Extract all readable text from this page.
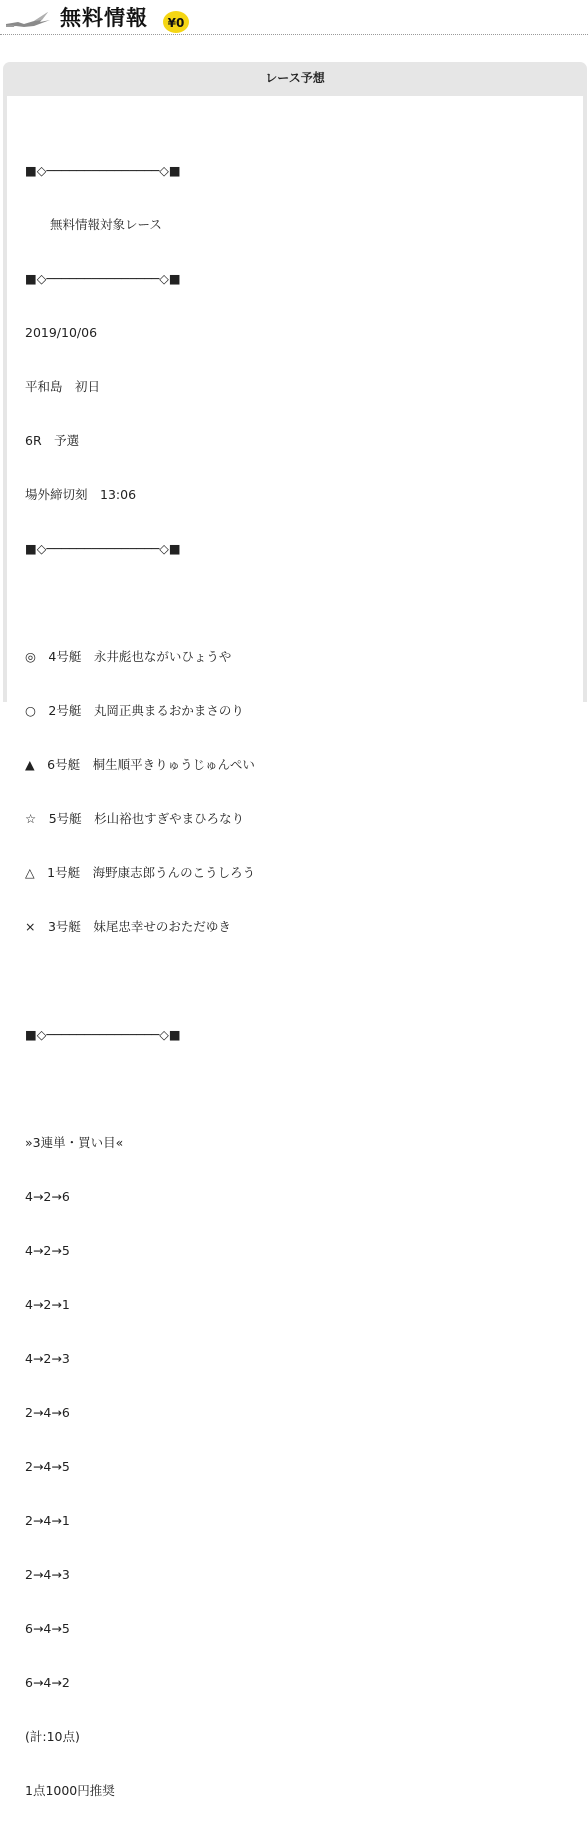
無料情報 ¥0
レース予想

■◇───────────────◇■

　　無料情報対象レース

■◇───────────────◇■

2019/10/06

平和島　初日

6R　予選

場外締切刻　13:06

■◇───────────────◇■

◎　4号艇　永井彪也ながいひょうや

○　2号艇　丸岡正典まるおかまさのり

▲　6号艇　桐生順平きりゅうじゅんぺい

☆　5号艇　杉山裕也すぎやまひろなり

△　1号艇　海野康志郎うんのこうしろう

×　3号艇　妹尾忠幸せのおただゆき

■◇───────────────◇■

»3連単・買い目«

4→2→6

4→2→5

4→2→1

4→2→3

2→4→6

2→4→5

2→4→1

2→4→3

6→4→5

6→4→2

(計:10点)

1点1000円推奨
